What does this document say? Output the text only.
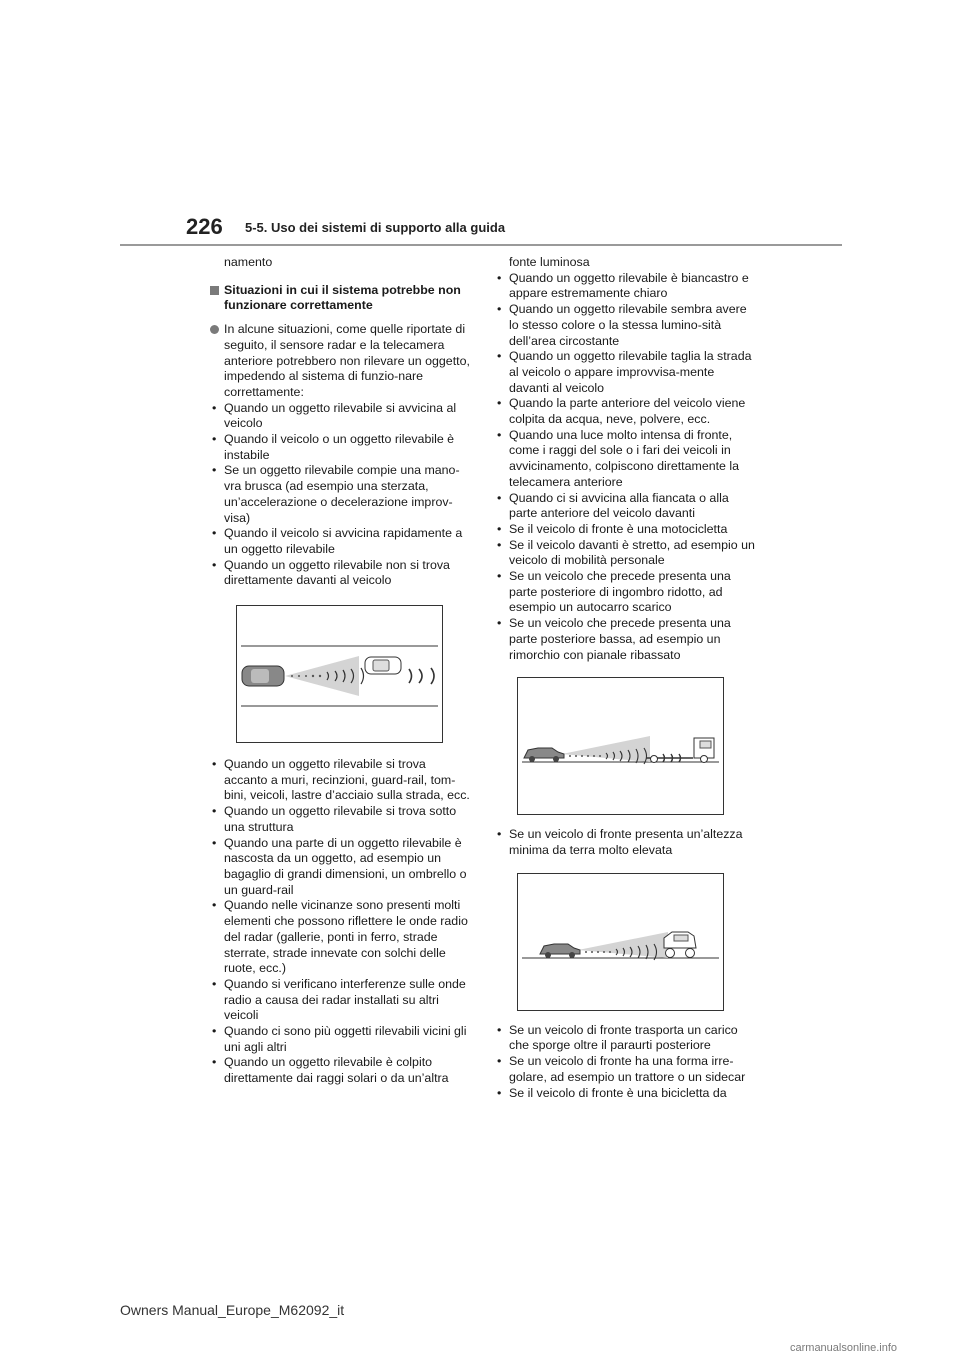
226 5-5. Uso dei sistemi di supporto alla guida

namento

Situazioni in cui il sistema potrebbe non funzionare correttamente
In alcune situazioni, come quelle riportate di seguito, il sensore radar e la telecamera anteriore potrebbero non rilevare un oggetto, impedendo al sistema di funzio-nare correttamente:
• Quando un oggetto rilevabile si avvicina al veicolo
• Quando il veicolo o un oggetto rilevabile è instabile
• Se un oggetto rilevabile compie una mano-vra brusca (ad esempio una sterzata, un’accelerazione o decelerazione improv-visa)
• Quando il veicolo si avvicina rapidamente a un oggetto rilevabile
• Quando un oggetto rilevabile non si trova direttamente davanti al veicolo
• Quando un oggetto rilevabile si trova accanto a muri, recinzioni, guard-rail, tom-bini, veicoli, lastre d’acciaio sulla strada, ecc.
• Quando un oggetto rilevabile si trova sotto una struttura
• Quando una parte di un oggetto rilevabile è nascosta da un oggetto, ad esempio un bagaglio di grandi dimensioni, un ombrello o un guard-rail
• Quando nelle vicinanze sono presenti molti elementi che possono riflettere le onde radio del radar (gallerie, ponti in ferro, strade sterrate, strade innevate con solchi delle ruote, ecc.)
• Quando si verificano interferenze sulle onde radio a causa dei radar installati su altri veicoli
• Quando ci sono più oggetti rilevabili vicini gli uni agli altri
• Quando un oggetto rilevabile è colpito direttamente dai raggi solari o da un’altra

fonte luminosa

• Quando un oggetto rilevabile è biancastro e appare estremamente chiaro
• Quando un oggetto rilevabile sembra avere lo stesso colore o la stessa lumino-sità dell’area circostante
• Quando un oggetto rilevabile taglia la strada al veicolo o appare improvvisa-mente davanti al veicolo
• Quando la parte anteriore del veicolo viene colpita da acqua, neve, polvere, ecc.
• Quando una luce molto intensa di fronte, come i raggi del sole o i fari dei veicoli in avvicinamento, colpiscono direttamente la telecamera anteriore
• Quando ci si avvicina alla fiancata o alla parte anteriore del veicolo davanti
• Se il veicolo di fronte è una motocicletta
• Se il veicolo davanti è stretto, ad esempio un veicolo di mobilità personale
• Se un veicolo che precede presenta una parte posteriore di ingombro ridotto, ad esempio un autocarro scarico
• Se un veicolo che precede presenta una parte posteriore bassa, ad esempio un rimorchio con pianale ribassato
• Se un veicolo di fronte presenta un’altezza minima da terra molto elevata
• Se un veicolo di fronte trasporta un carico che sporge oltre il paraurti posteriore
• Se un veicolo di fronte ha una forma irre-golare, ad esempio un trattore o un sidecar
• Se il veicolo di fronte è una bicicletta da
Owners Manual_Europe_M62092_it
carmanualsonline.info
